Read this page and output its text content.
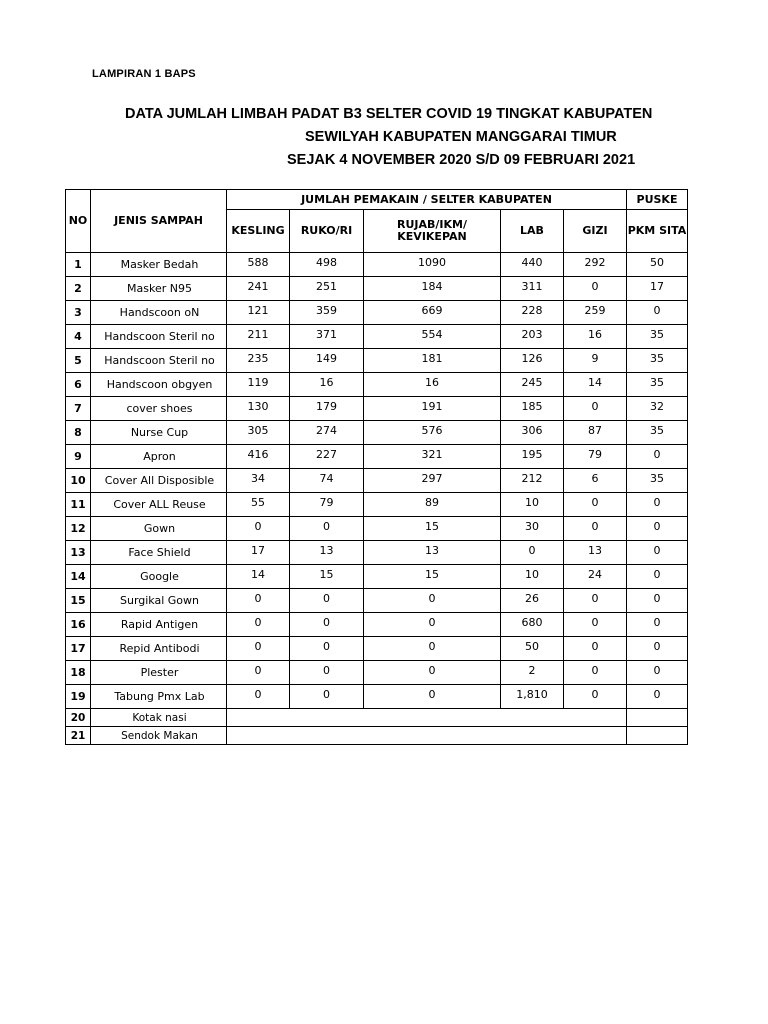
LAMPIRAN 1 BAPS
DATA JUMLAH LIMBAH PADAT B3 SELTER COVID 19 TINGKAT KABUPATEN
SEWILYAH KABUPATEN MANGGARAI TIMUR
SEJAK 4 NOVEMBER 2020 S/D 09 FEBRUARI 2021
NO	JENIS SAMPAH	JUMLAH PEMAKAIN / SELTER KABUPATEN					PUSKE
		KESLING	RUKO/RI	RUJAB/IKM/
KEVIKEPAN	LAB	GIZI	PKM SITA
1	Masker Bedah	588	498	1090	440	292	50
2	Masker N95	241	251	184	311	0	17
3	Handscoon oN	121	359	669	228	259	0
4	Handscoon Steril no	211	371	554	203	16	35
5	Handscoon Steril no	235	149	181	126	9	35
6	Handscoon obgyen	119	16	16	245	14	35
7	cover shoes	130	179	191	185	0	32
8	Nurse Cup	305	274	576	306	87	35
9	Apron	416	227	321	195	79	0
10	Cover All Disposible	34	74	297	212	6	35
11	Cover ALL Reuse	55	79	89	10	0	0
12	Gown	0	0	15	30	0	0
13	Face Shield	17	13	13	0	13	0
14	Google	14	15	15	10	24	0
15	Surgikal Gown	0	0	0	26	0	0
16	Rapid Antigen	0	0	0	680	0	0
17	Repid Antibodi	0	0	0	50	0	0
18	Plester	0	0	0	2	0	0
19	Tabung Pmx Lab	0	0	0	1,810	0	0
20	Kotak nasi						
21	Sendok Makan						
